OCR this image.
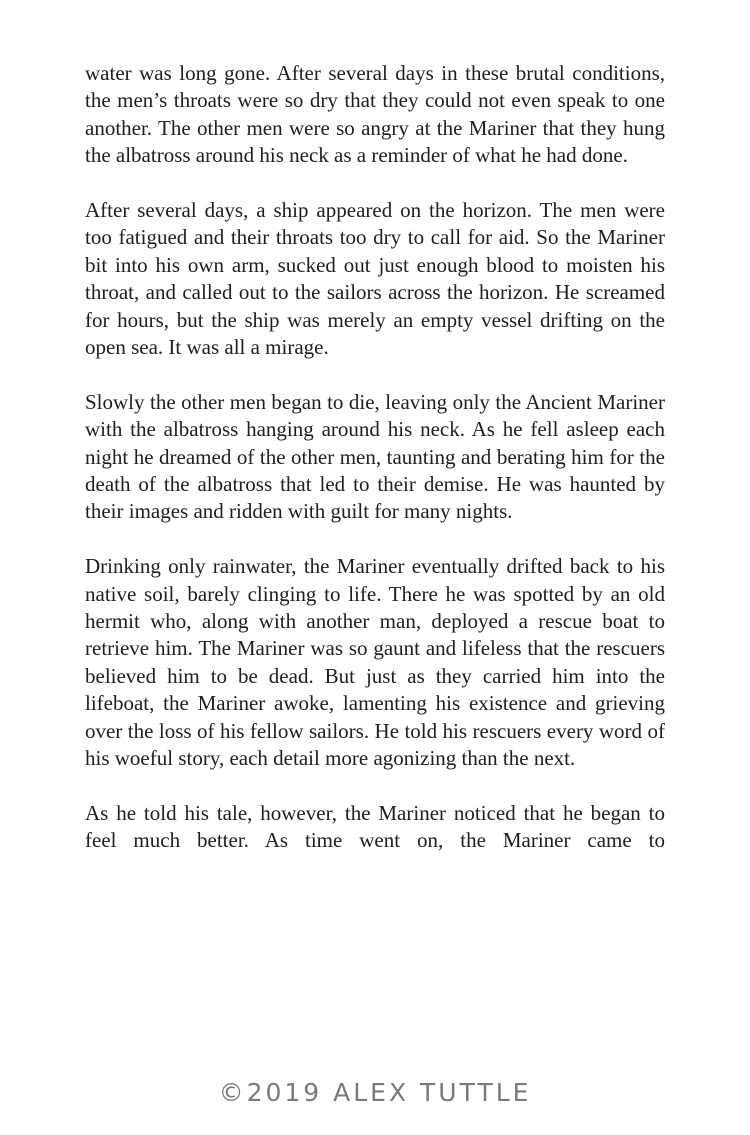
water was long gone. After several days in these brutal conditions, the men’s throats were so dry that they could not even speak to one another. The other men were so angry at the Mariner that they hung the albatross around his neck as a reminder of what he had done.

After several days, a ship appeared on the horizon. The men were too fatigued and their throats too dry to call for aid. So the Mariner bit into his own arm, sucked out just enough blood to moisten his throat, and called out to the sailors across the horizon. He screamed for hours, but the ship was merely an empty vessel drifting on the open sea. It was all a mirage.

Slowly the other men began to die, leaving only the Ancient Mariner with the albatross hanging around his neck. As he fell asleep each night he dreamed of the other men, taunting and berating him for the death of the albatross that led to their demise. He was haunted by their images and ridden with guilt for many nights.

Drinking only rainwater, the Mariner eventually drifted back to his native soil, barely clinging to life. There he was spotted by an old hermit who, along with another man, deployed a rescue boat to retrieve him. The Mariner was so gaunt and lifeless that the rescuers believed him to be dead. But just as they carried him into the lifeboat, the Mariner awoke, lamenting his existence and grieving over the loss of his fellow sailors. He told his rescuers every word of his woeful story, each detail more agonizing than the next.

As he told his tale, however, the Mariner noticed that he began to feel much better. As time went on, the Mariner came to

©2019 ALEX TUTTLE
